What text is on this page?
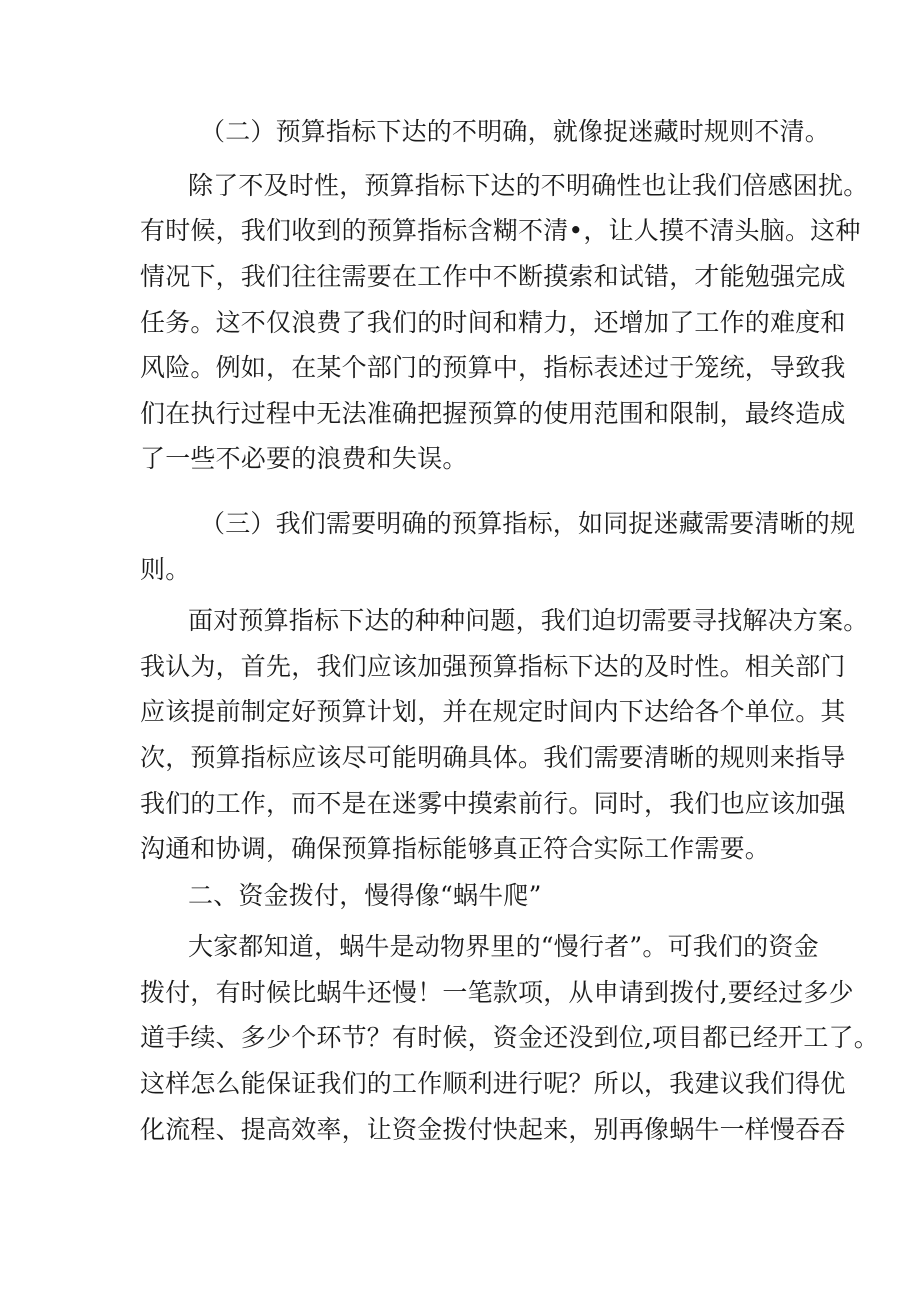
（二）预算指标下达的不明确，就像捉迷藏时规则不清。
除了不及时性，预算指标下达的不明确性也让我们倍感困扰。
有时候，我们收到的预算指标含糊不清•，让人摸不清头脑。这种
情况下，我们往往需要在工作中不断摸索和试错，才能勉强完成
任务。这不仅浪费了我们的时间和精力，还增加了工作的难度和
风险。例如，在某个部门的预算中，指标表述过于笼统，导致我
们在执行过程中无法准确把握预算的使用范围和限制，最终造成
了一些不必要的浪费和失误。
（三）我们需要明确的预算指标，如同捉迷藏需要清晰的规
则。
面对预算指标下达的种种问题，我们迫切需要寻找解决方案。
我认为，首先，我们应该加强预算指标下达的及时性。相关部门
应该提前制定好预算计划，并在规定时间内下达给各个单位。其
次，预算指标应该尽可能明确具体。我们需要清晰的规则来指导
我们的工作，而不是在迷雾中摸索前行。同时，我们也应该加强
沟通和协调，确保预算指标能够真正符合实际工作需要。
二、资金拨付，慢得像“蜗牛爬”
大家都知道，蜗牛是动物界里的“慢行者”。可我们的资金
拨付，有时候比蜗牛还慢！一笔款项，从申请到拨付,要经过多少
道手续、多少个环节？有时候，资金还没到位,项目都已经开工了。
这样怎么能保证我们的工作顺利进行呢？所以，我建议我们得优
化流程、提高效率，让资金拨付快起来，别再像蜗牛一样慢吞吞
